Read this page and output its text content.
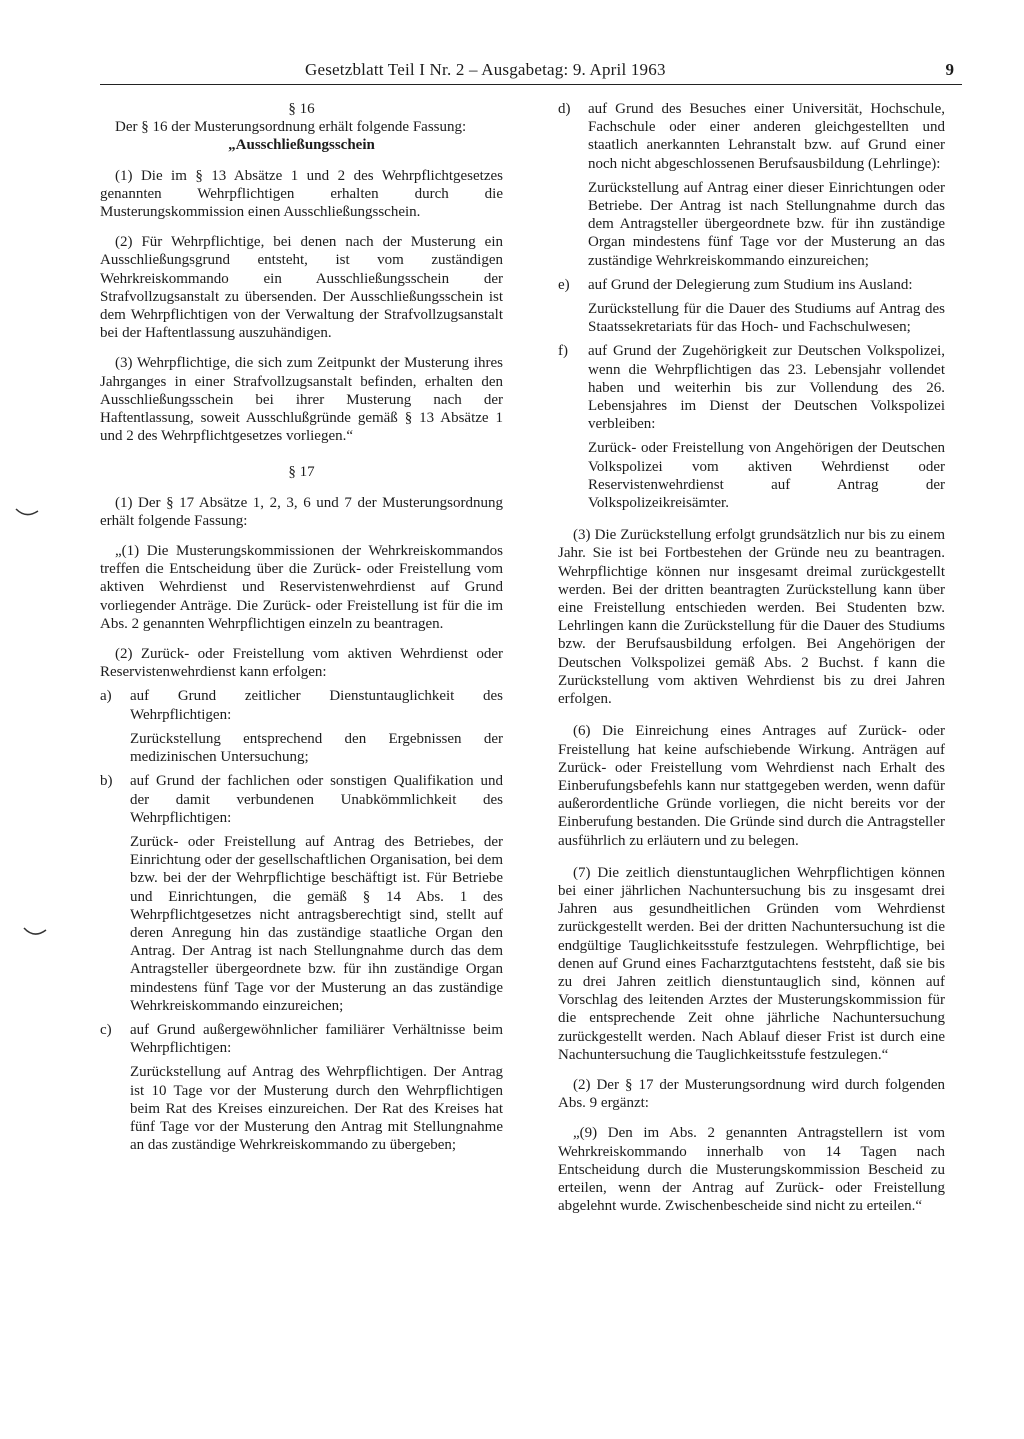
Gesetzblatt Teil I Nr. 2 – Ausgabetag: 9. April 1963	9

§ 16

Der § 16 der Musterungsordnung erhält folgende Fassung:

„Ausschließungsschein

(1) Die im § 13 Absätze 1 und 2 des Wehrpflichtgesetzes genannten Wehrpflichtigen erhalten durch die Musterungskommission einen Ausschließungsschein.

(2) Für Wehrpflichtige, bei denen nach der Musterung ein Ausschließungsgrund entsteht, ist vom zuständigen Wehrkreiskommando ein Ausschließungsschein der Strafvollzugsanstalt zu übersenden. Der Ausschließungsschein ist dem Wehrpflichtigen von der Verwaltung der Strafvollzugsanstalt bei der Haftentlassung auszuhändigen.

(3) Wehrpflichtige, die sich zum Zeitpunkt der Musterung ihres Jahrganges in einer Strafvollzugsanstalt befinden, erhalten den Ausschließungsschein bei ihrer Musterung nach der Haftentlassung, soweit Ausschlußgründe gemäß § 13 Absätze 1 und 2 des Wehrpflichtgesetzes vorliegen.“

§ 17

(1) Der § 17 Absätze 1, 2, 3, 6 und 7 der Musterungsordnung erhält folgende Fassung:

„(1) Die Musterungskommissionen der Wehrkreiskommandos treffen die Entscheidung über die Zurück- oder Freistellung vom aktiven Wehrdienst und Reservistenwehrdienst auf Grund vorliegender Anträge. Die Zurück- oder Freistellung ist für die im Abs. 2 genannten Wehrpflichtigen einzeln zu beantragen.

(2) Zurück- oder Freistellung vom aktiven Wehrdienst oder Reservistenwehrdienst kann erfolgen:

a)	auf Grund zeitlicher Dienstuntauglichkeit des Wehrpflichtigen:

Zurückstellung entsprechend den Ergebnissen der medizinischen Untersuchung;

b)	auf Grund der fachlichen oder sonstigen Qualifikation und der damit verbundenen Unabkömmlichkeit des Wehrpflichtigen:

Zurück- oder Freistellung auf Antrag des Betriebes, der Einrichtung oder der gesellschaftlichen Organisation, bei dem bzw. bei der der Wehrpflichtige beschäftigt ist. Für Betriebe und Einrichtungen, die gemäß § 14 Abs. 1 des Wehrpflichtgesetzes nicht antragsberechtigt sind, stellt auf deren Anregung hin das zuständige staatliche Organ den Antrag. Der Antrag ist nach Stellungnahme durch das dem Antragsteller übergeordnete bzw. für ihn zuständige Organ mindestens fünf Tage vor der Musterung an das zuständige Wehrkreiskommando einzureichen;

c)	auf Grund außergewöhnlicher familiärer Verhältnisse beim Wehrpflichtigen:

Zurückstellung auf Antrag des Wehrpflichtigen. Der Antrag ist 10 Tage vor der Musterung durch den Wehrpflichtigen beim Rat des Kreises einzureichen. Der Rat des Kreises hat fünf Tage vor der Musterung den Antrag mit Stellungnahme an das zuständige Wehrkreiskommando zu übergeben;

d)	auf Grund des Besuches einer Universität, Hochschule, Fachschule oder einer anderen gleichgestellten und staatlich anerkannten Lehranstalt bzw. auf Grund einer noch nicht abgeschlossenen Berufsausbildung (Lehrlinge):

Zurückstellung auf Antrag einer dieser Einrichtungen oder Betriebe. Der Antrag ist nach Stellungnahme durch das dem Antragsteller übergeordnete bzw. für ihn zuständige Organ mindestens fünf Tage vor der Musterung an das zuständige Wehrkreiskommando einzureichen;

e)	auf Grund der Delegierung zum Studium ins Ausland:

Zurückstellung für die Dauer des Studiums auf Antrag des Staatssekretariats für das Hoch- und Fachschulwesen;

f)	auf Grund der Zugehörigkeit zur Deutschen Volkspolizei, wenn die Wehrpflichtigen das 23. Lebensjahr vollendet haben und weiterhin bis zur Vollendung des 26. Lebensjahres im Dienst der Deutschen Volkspolizei verbleiben:

Zurück- oder Freistellung von Angehörigen der Deutschen Volkspolizei vom aktiven Wehrdienst oder Reservistenwehrdienst auf Antrag der Volkspolizeikreisämter.

(3) Die Zurückstellung erfolgt grundsätzlich nur bis zu einem Jahr. Sie ist bei Fortbestehen der Gründe neu zu beantragen. Wehrpflichtige können nur insgesamt dreimal zurückgestellt werden. Bei der dritten beantragten Zurückstellung kann über eine Freistellung entschieden werden. Bei Studenten bzw. Lehrlingen kann die Zurückstellung für die Dauer des Studiums bzw. der Berufsausbildung erfolgen. Bei Angehörigen der Deutschen Volkspolizei gemäß Abs. 2 Buchst. f kann die Zurückstellung vom aktiven Wehrdienst bis zu drei Jahren erfolgen.

(6) Die Einreichung eines Antrages auf Zurück- oder Freistellung hat keine aufschiebende Wirkung. Anträgen auf Zurück- oder Freistellung vom Wehrdienst nach Erhalt des Einberufungsbefehls kann nur stattgegeben werden, wenn dafür außerordentliche Gründe vorliegen, die nicht bereits vor der Einberufung bestanden. Die Gründe sind durch die Antragsteller ausführlich zu erläutern und zu belegen.

(7) Die zeitlich dienstuntauglichen Wehrpflichtigen können bei einer jährlichen Nachuntersuchung bis zu insgesamt drei Jahren aus gesundheitlichen Gründen vom Wehrdienst zurückgestellt werden. Bei der dritten Nachuntersuchung ist die endgültige Tauglichkeitsstufe festzulegen. Wehrpflichtige, bei denen auf Grund eines Facharztgutachtens feststeht, daß sie bis zu drei Jahren zeitlich dienstuntauglich sind, können auf Vorschlag des leitenden Arztes der Musterungskommission für die entsprechende Zeit ohne jährliche Nachuntersuchung zurückgestellt werden. Nach Ablauf dieser Frist ist durch eine Nachuntersuchung die Tauglichkeitsstufe festzulegen.“

(2) Der § 17 der Musterungsordnung wird durch folgenden Abs. 9 ergänzt:

„(9) Den im Abs. 2 genannten Antragstellern ist vom Wehrkreiskommando innerhalb von 14 Tagen nach Entscheidung durch die Musterungskommission Bescheid zu erteilen, wenn der Antrag auf Zurück- oder Freistellung abgelehnt wurde. Zwischenbescheide sind nicht zu erteilen.“
